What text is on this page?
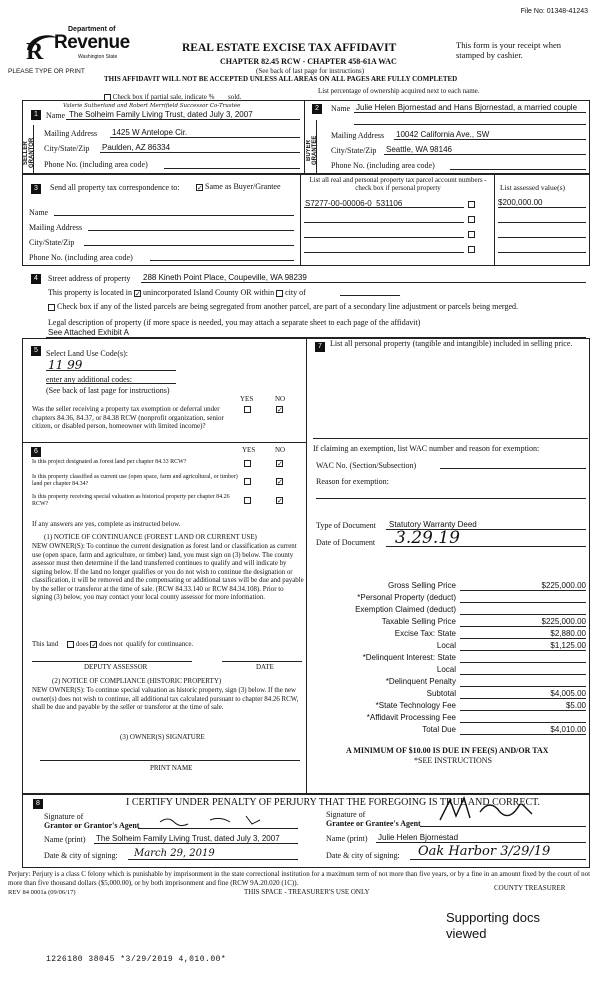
File No: 01348-41243
R
Department of
Revenue
Washington State
PLEASE TYPE OR PRINT
REAL ESTATE EXCISE TAX AFFIDAVIT
CHAPTER 82.45 RCW - CHAPTER 458-61A WAC
This form is your receipt when stamped by cashier.
(See back of last page for instructions)
THIS AFFIDAVIT WILL NOT BE ACCEPTED UNLESS ALL AREAS ON ALL PAGES ARE FULLY COMPLETED
Check box if partial sale, indicate % sold.
List percentage of ownership acquired next to each name.
1
SELLER GRANTOR
Valerie Sutherland and Robert Merrifield Successor Co-Trustee
Name The Solheim Family Living Trust, dated July 3, 2007
Mailing Address 1425 W Antelope Cir.
City/State/Zip Paulden, AZ 86334
Phone No. (including area code)
2
BUYER GRANTEE
Name Julie Helen Bjornestad and Hans Bjornestad, a married couple
Mailing Address 10042 California Ave., SW
City/State/Zip Seattle, WA 98146
Phone No. (including area code)
3	Send all property tax correspondence to: ✓	Same as Buyer/Grantee
Name
Mailing Address
City/State/Zip
Phone No. (including area code)
List all real and personal property tax parcel account numbers - check box if personal property	List assessed value(s)
S7277-00-00006-0_531106	$200,000.00
4	Street address of property 288 Kineth Point Place, Coupeville, WA 98239
This property is located in ✓ unincorporated Island County OR within city of
Check box if any of the listed parcels are being segregated from another parcel, are part of a secondary line adjustment or parcels being merged.
Legal description of property (if more space is needed, you may attach a separate sheet to each page of the affidavit)
See Attached Exhibit A
5	Select Land Use Code(s):
11 99
enter any additional codes:
(See back of last page for instructions)
YES	NO
Was the seller receiving a property tax exemption or deferral under chapters 84.36, 84.37, or 84.38 RCW (nonprofit organization, senior citizen, or disabled person, homeowner with limited income)?
✓
6	YES	NO
Is this project designated as forest land per chapter 84.33 RCW?
✓
Is this property classified as current use (open space, farm and agricultural, or timber) land per chapter 84.34?
✓
Is this property receiving special valuation as historical property per chapter 84.26 RCW?
✓
If any answers are yes, complete as instructed below.
(1) NOTICE OF CONTINUANCE (FOREST LAND OR CURRENT USE)
NEW OWNER(S): To continue the current designation as forest land or classification as current use (open space, farm and agriculture, or timber) land, you must sign on (3) below. The county assessor must then determine if the land transferred continues to qualify and will indicate by signing below. If the land no longer qualifies or you do not wish to continue the designation or classification, it will be removed and the compensating or additional taxes will be due and payable by the seller or transferor at the time of sale. (RCW 84.33.140 or RCW 84.34.108). Prior to signing (3) below, you may contact your local county assessor for more information.
This land	does ✓ does not qualify for continuance.
DEPUTY ASSESSOR	DATE
(2) NOTICE OF COMPLIANCE (HISTORIC PROPERTY)
NEW OWNER(S): To continue special valuation as historic property, sign (3) below. If the new owner(s) does not wish to continue, all additional tax calculated pursuant to chapter 84.26 RCW, shall be due and payable by the seller or transferor at the time of sale.
(3) OWNER(S) SIGNATURE
PRINT NAME
7	List all personal property (tangible and intangible) included in selling price.
If claiming an exemption, list WAC number and reason for exemption:
WAC No. (Section/Subsection)
Reason for exemption:
Type of Document Statutory Warranty Deed
Date of Document 3.29.19
Gross Selling Price	$225,000.00
*Personal Property (deduct)
Exemption Claimed (deduct)
Taxable Selling Price	$225,000.00
Excise Tax: State	$2,880.00
Local	$1,125.00
*Delinquent Interest: State
Local
*Delinquent Penalty
Subtotal	$4,005.00
*State Technology Fee	$5.00
*Affidavit Processing Fee
Total Due	$4,010.00
A MINIMUM OF $10.00 IS DUE IN FEE(S) AND/OR TAX
*SEE INSTRUCTIONS
8	I CERTIFY UNDER PENALTY OF PERJURY THAT THE FOREGOING IS TRUE AND CORRECT.
Signature of
Grantor or Grantor's Agent
Name (print) The Solheim Family Living Trust, dated July 3, 2007
Date & city of signing: March 29, 2019
Signature of
Grantee or Grantee's Agent
Name (print) Julie Helen Bjornestad
Date & city of signing: Oak Harbor 3/29/19
Perjury: Perjury is a class C felony which is punishable by imprisonment in the state correctional institution for a maximum term of not more than five years, or by a fine in an amount fixed by the court of not more than five thousand dollars ($5,000.00), or by both imprisonment and fine (RCW 9A.20.020 (1C)).
REV 84 0001a (09/06/17)	THIS SPACE - TREASURER'S USE ONLY	COUNTY TREASURER
Supporting docs viewed
1226180 38045 *3/29/2019 4,010.00*
